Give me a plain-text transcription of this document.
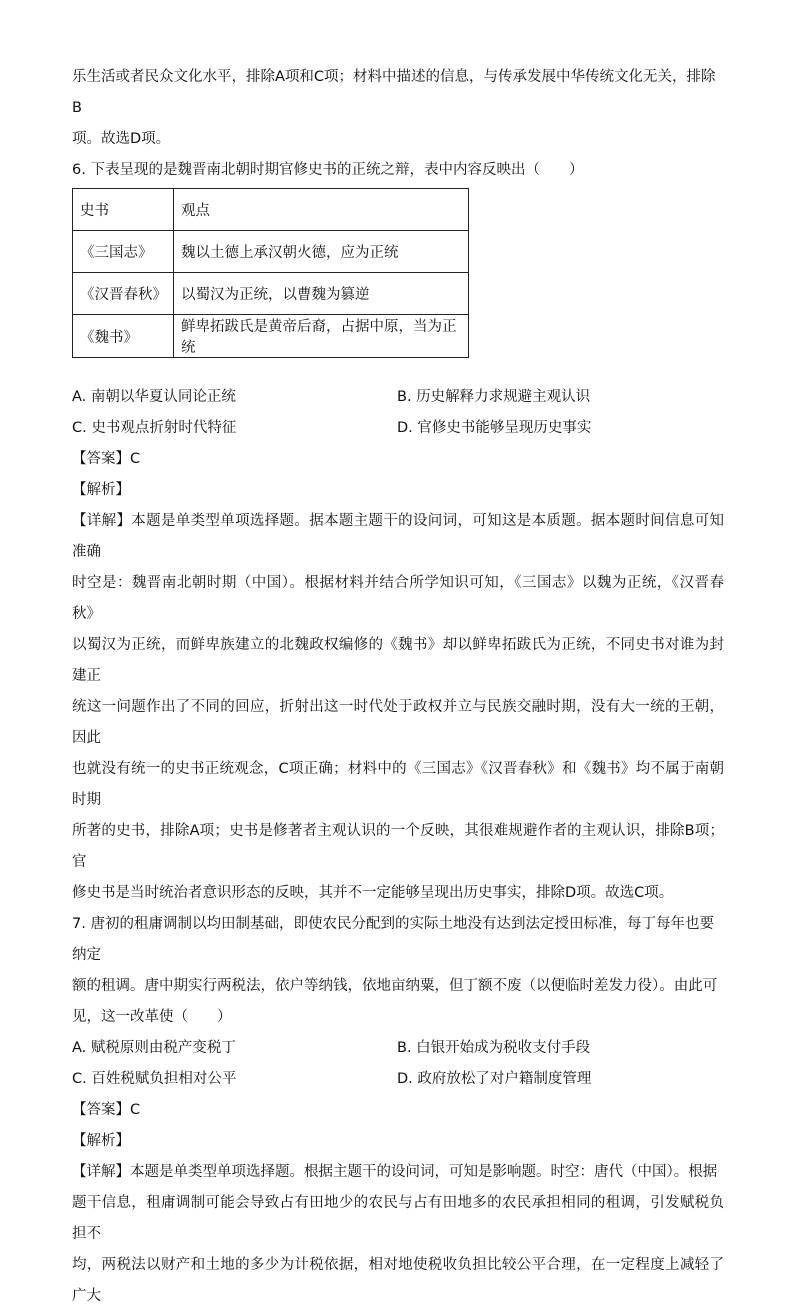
乐生活或者民众文化水平，排除A项和C项；材料中描述的信息，与传承发展中华传统文化无关，排除B

项。故选D项。

6. 下表呈现的是魏晋南北朝时期官修史书的正统之辩，表中内容反映出（　　）

史书	观点
《三国志》	魏以土德上承汉朝火德，应为正统
《汉晋春秋》	以蜀汉为正统，以曹魏为篡逆
《魏书》	鲜卑拓跋氏是黄帝后裔，占据中原，当为正统
A. 南朝以华夏认同论正统	B. 历史解释力求规避主观认识
C. 史书观点折射时代特征	D. 官修史书能够呈现历史事实

【答案】C

【解析】

【详解】本题是单类型单项选择题。据本题主题干的设问词，可知这是本质题。据本题时间信息可知准确

时空是：魏晋南北朝时期（中国）。根据材料并结合所学知识可知，《三国志》以魏为正统，《汉晋春秋》

以蜀汉为正统，而鲜卑族建立的北魏政权编修的《魏书》却以鲜卑拓跋氏为正统，不同史书对谁为封建正

统这一问题作出了不同的回应，折射出这一时代处于政权并立与民族交融时期，没有大一统的王朝，因此

也就没有统一的史书正统观念，C项正确；材料中的《三国志》《汉晋春秋》和《魏书》均不属于南朝时期

所著的史书，排除A项；史书是修著者主观认识的一个反映，其很难规避作者的主观认识，排除B项；官

修史书是当时统治者意识形态的反映，其并不一定能够呈现出历史事实，排除D项。故选C项。

7. 唐初的租庸调制以均田制基础，即使农民分配到的实际土地没有达到法定授田标准，每丁每年也要纳定

额的租调。唐中期实行两税法，依户等纳钱，依地亩纳粟，但丁额不废（以便临时差发力役）。由此可

见，这一改革使（　　）

A. 赋税原则由税产变税丁	B. 白银开始成为税收支付手段
C. 百姓税赋负担相对公平	D. 政府放松了对户籍制度管理

【答案】C

【解析】

【详解】本题是单类型单项选择题。根据主题干的设问词，可知是影响题。时空：唐代（中国）。根据

题干信息，租庸调制可能会导致占有田地少的农民与占有田地多的农民承担相同的租调，引发赋税负担不

均，两税法以财产和土地的多少为计税依据，相对地使税收负担比较公平合理，在一定程度上减轻了广大
